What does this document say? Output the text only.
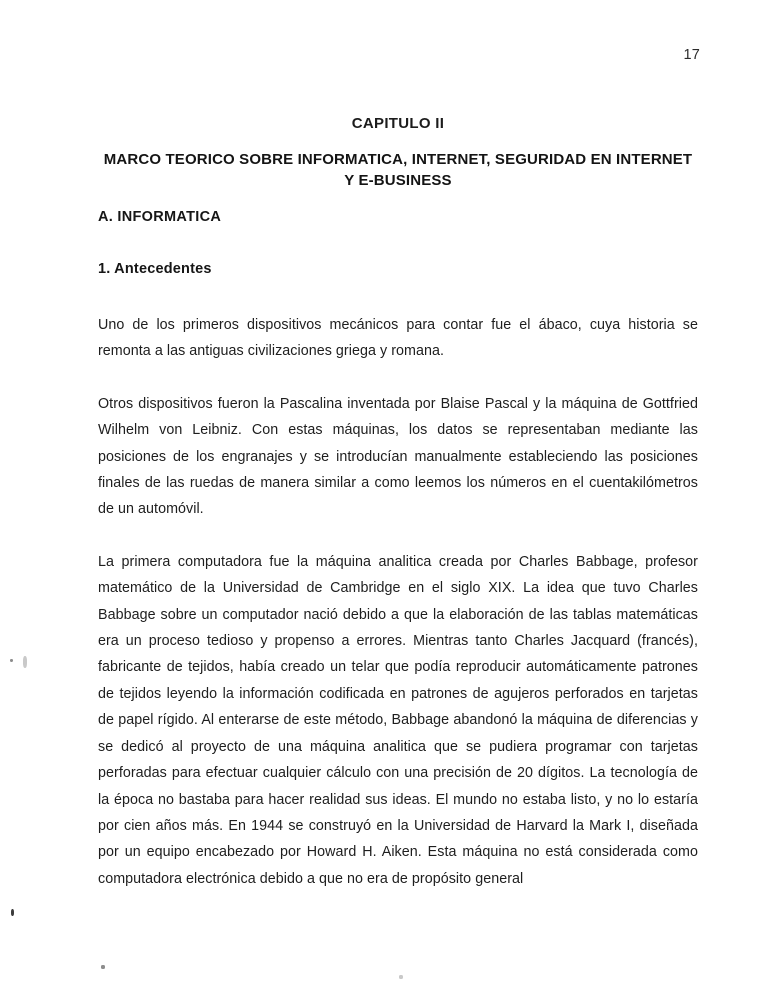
17
CAPITULO II
MARCO TEORICO SOBRE INFORMATICA, INTERNET, SEGURIDAD EN INTERNET Y E-BUSINESS
A. INFORMATICA
1. Antecedentes

Uno de los primeros dispositivos mecánicos para contar fue el ábaco, cuya historia se remonta a las antiguas civilizaciones griega y romana.

Otros dispositivos fueron la Pascalina inventada por Blaise Pascal y la máquina de Gottfried Wilhelm von Leibniz. Con estas máquinas, los datos se representaban mediante las posiciones de los engranajes y se introducían manualmente estableciendo las posiciones finales de las ruedas de manera similar a como leemos los números en el cuentakilómetros de un automóvil.

La primera computadora fue la máquina analitica creada por Charles Babbage, profesor matemático de la Universidad de Cambridge en el siglo XIX. La idea que tuvo Charles Babbage sobre un computador nació debido a que la elaboración de las tablas matemáticas era un proceso tedioso y propenso a errores. Mientras tanto Charles Jacquard (francés), fabricante de tejidos, había creado un telar que podía reproducir automáticamente patrones de tejidos leyendo la información codificada en patrones de agujeros perforados en tarjetas de papel rígido. Al enterarse de este método, Babbage abandonó la máquina de diferencias y se dedicó al proyecto de una máquina analitica que se pudiera programar con tarjetas perforadas para efectuar cualquier cálculo con una precisión de 20 dígitos. La tecnología de la época no bastaba para hacer realidad sus ideas. El mundo no estaba listo, y no lo estaría por cien años más. En 1944 se construyó en la Universidad de Harvard la Mark I, diseñada por un equipo encabezado por Howard H. Aiken. Esta máquina no está considerada como computadora electrónica debido a que no era de propósito general
